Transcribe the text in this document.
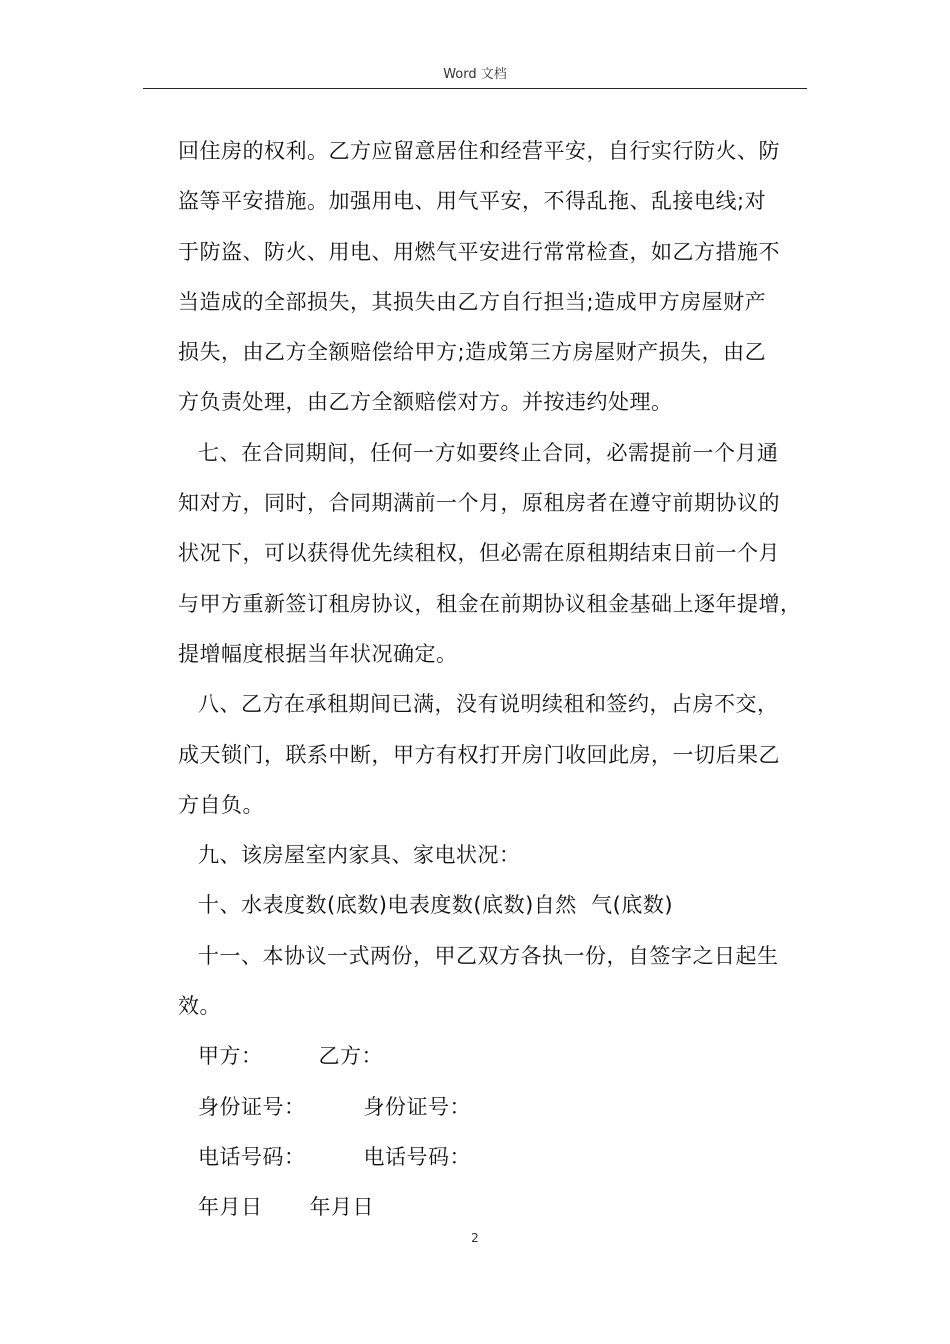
Word 文档

回住房的权利。乙方应留意居住和经营平安，自行实行防火、防

盗等平安措施。加强用电、用气平安，不得乱拖、乱接电线;对

于防盗、防火、用电、用燃气平安进行常常检查，如乙方措施不

当造成的全部损失，其损失由乙方自行担当;造成甲方房屋财产

损失，由乙方全额赔偿给甲方;造成第三方房屋财产损失，由乙

方负责处理，由乙方全额赔偿对方。并按违约处理。

七、在合同期间，任何一方如要终止合同，必需提前一个月通

知对方，同时，合同期满前一个月，原租房者在遵守前期协议的

状况下，可以获得优先续租权，但必需在原租期结束日前一个月

与甲方重新签订租房协议，租金在前期协议租金基础上逐年提增，

提增幅度根据当年状况确定。

八、乙方在承租期间已满，没有说明续租和签约，占房不交，

成天锁门，联系中断，甲方有权打开房门收回此房，一切后果乙

方自负。

九、该房屋室内家具、家电状况：

十、水表度数(底数)电表度数(底数)自然  气(底数)

十一、本协议一式两份，甲乙双方各执一份，自签字之日起生

效。

甲方：	乙方：

身份证号：	身份证号：

电话号码：	电话号码：

年月日 年月日

2
